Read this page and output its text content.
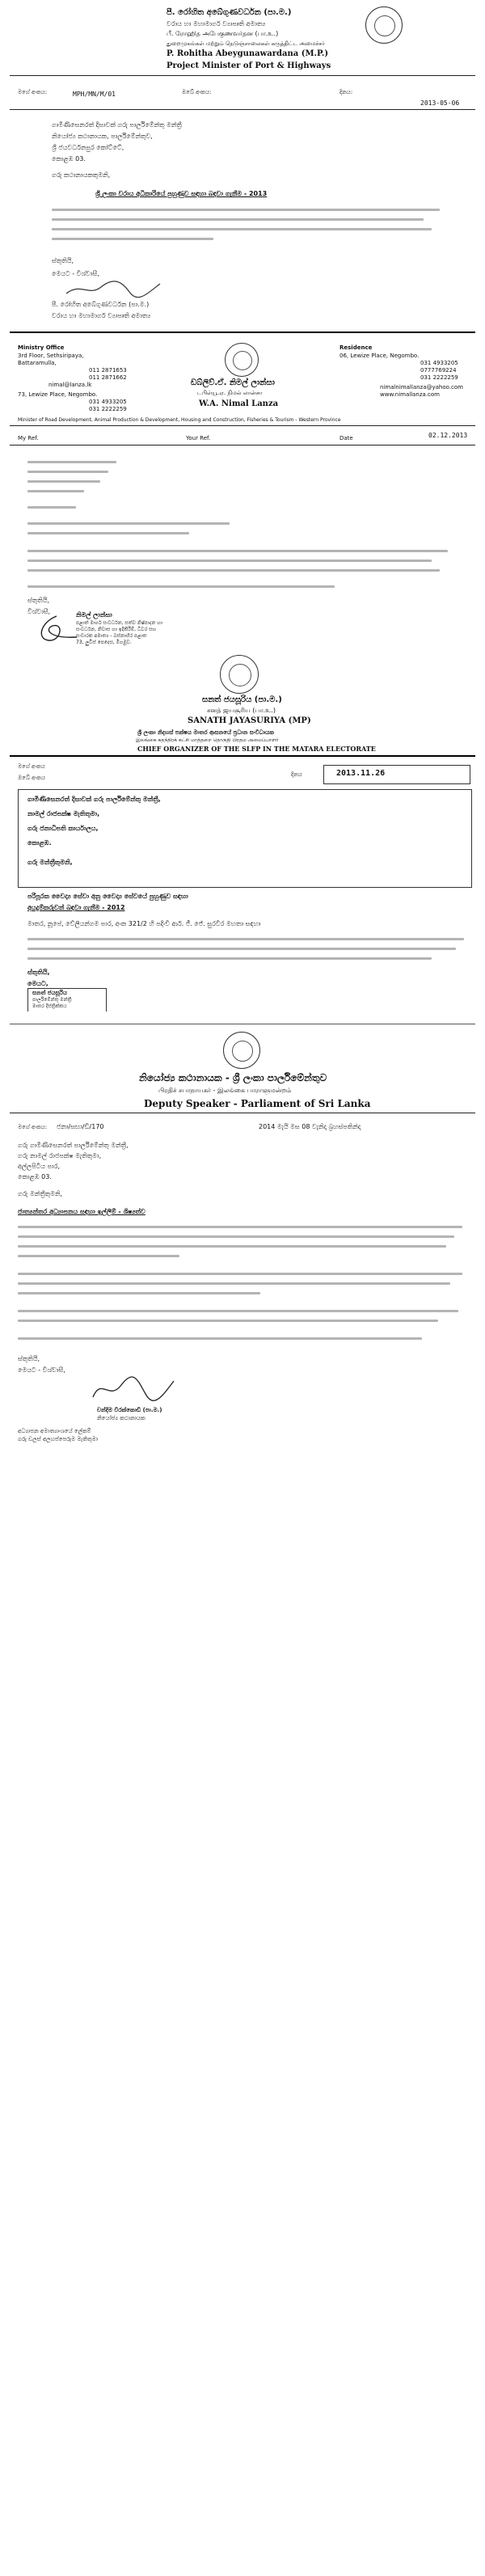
පී. රෝහිත අබේගුණවර්ධන (පා.ම.)
වරාය හා මහාමාර්ග ව්‍යාපෘති අමාත්‍ය
பீ. ரோஹித அபேகுணவர்தன (பா.உ.)
துறைமுகங்கள் மற்றும் நெடுஞ்சாலைகள் கருத்திட்ட அமைச்சர்
P. Rohitha Abeygunawardana (M.P.)
Project Minister of Port & Highways
මගේ අංකය:	MPH/MN/M/01	ඔබේ අංකය:	දිනය:
2013-05-06
ගාමිණිසෙනරත් දිසාවක් ගරු පාර්ලිමේන්තු මන්ත්‍රී
නියෝජ්‍ය කථානායක, පාර්ලිමේන්තුව,
ශ්‍රී ජයවර්ධනපුර කෝට්ටේ,
කොළඹ 03.
ගරු කථානායකතුමනි,
ශ්‍රී ලංකා වරාය අධිකාරියේ පුහුණුව සඳහා බඳවා ගැනීම - 2013
ස්තුතියි,
මෙයට - විශ්වාසී,
පී. රෝහිත අබේගුණවර්ධන (පා.ම.)
වරාය හා මහාමාර්ග ව්‍යාපෘති අමාත්‍ය
Ministry Office
3rd Floor, Sethsiripaya,
Battaramulla,
011 2871653
011 2871662
nimal@lanza.lk
73, Lewize Place, Negombo.
031 4933205
031 2222259
ඩබ්ලිව්.ඒ. නිමල් ලාන්සා
டபிள்யூ.ஏ. நிமல் லான்சா
W.A. Nimal Lanza
Residence
06, Lewize Place, Negombo.
031 4933205
0777769224
031 2222259
nimalnimallanza@yahoo.com
www.nimallanza.com
Minister of Road Development, Animal Production & Development, Housing and Construction, Fisheries & Tourism - Western Province
My Ref.	Your Ref.	Date	02.12.2013
ස්තුතියි,
විශ්වාසී,	නිමල් ලාන්සා
පළාත් මාර්ග සංවර්ධන, සත්ව නිෂ්පාදන හා
සංවර්ධන, නිවාස හා ඉදිකිරීම්, ධීවර සහ
සංචාරක අමාත්‍ය - බස්නාහිර පළාත
73, ලුවිස් පෙදෙස, මීගමුව.
සනත් ජයසූරිය (පා.ම.)
சனத் ஜயசூரிய (பா.உ.)
SANATH JAYASURIYA (MP)
ශ්‍රී ලංකා නිදහස් පක්ෂය මාතර ආසනයේ ප්‍රධාන සංවිධායක
இலங்கை சுதந்திரக் கட்சி மாத்தறை தொகுதி பிரதம அமைப்பாளர்
CHIEF ORGANIZER OF THE SLFP IN THE MATARA ELECTORATE
මගේ අංකය
ඔබේ අංකය	දිනය	2013.11.26
ගාමිණීසෙනරත් දිසාවක් ගරු පාර්ලිමේන්තු මන්ත්‍රී,
නාමල් රාජපක්ෂ මැතිතුමා,
ගරු ජනාධිපති කාර්යාලය,
කොළඹ.
ගරු මන්ත්‍රීතුමනි,
පරිපූරක වෛද්‍ය සේවා අනු වෛද්‍ය සේවයේ පුහුණුව සඳහා
අයදුම්කරුවන් බඳවා ගැනීම - 2012
මාතර, නූපේ, වේලියන්ගම පාර, අංක 321/2 හි පදිංචි ආර්. ජී. ජේ. සුරවීර මහතා සඳහා
ස්තුතියි,
මෙයට,
සනත් ජයසූරිය
පාර්ලිමේන්තු මන්ත්‍රී
මාතර දිස්ත්‍රික්කය
නියෝජ්‍ය කථානායක - ශ්‍රී ලංකා පාර්ලිමේන්තුව
பிரதிச் சபாநாயகர் - இலங்கை பாராளுமன்றம்
Deputy Speaker - Parliament of Sri Lanka
මගේ අංකය: ජනා/සභා/ඩී/170	2014 මැයි මස 08 වැනිදා බ්‍රහස්පතින්දා
ගරු ගාමිණීසෙනරත් පාර්ලිමේන්තු මන්ත්‍රී,
ගරු නාමල් රාජපක්ෂ මැතිතුමා,
අල්ලපිටිය පාර,
කොළඹ 03.
ගරු මන්ත්‍රීතුමනි,
ජාත්‍යන්තර අධ්‍යාපනය සඳහා ඉල්ලීම් - ශිෂ්‍යත්ව
ස්තුතියි,
මෙයට - විශ්වාසී,
චන්දිම වීරක්කොඩි (පා.ම.)
නියෝජ්‍ය කථානායක
අධ්‍යාපන අමාත්‍යාංශයේ ලේකම්
ගරු ඩලස් අලහප්පෙරුම මැතිතුමා
